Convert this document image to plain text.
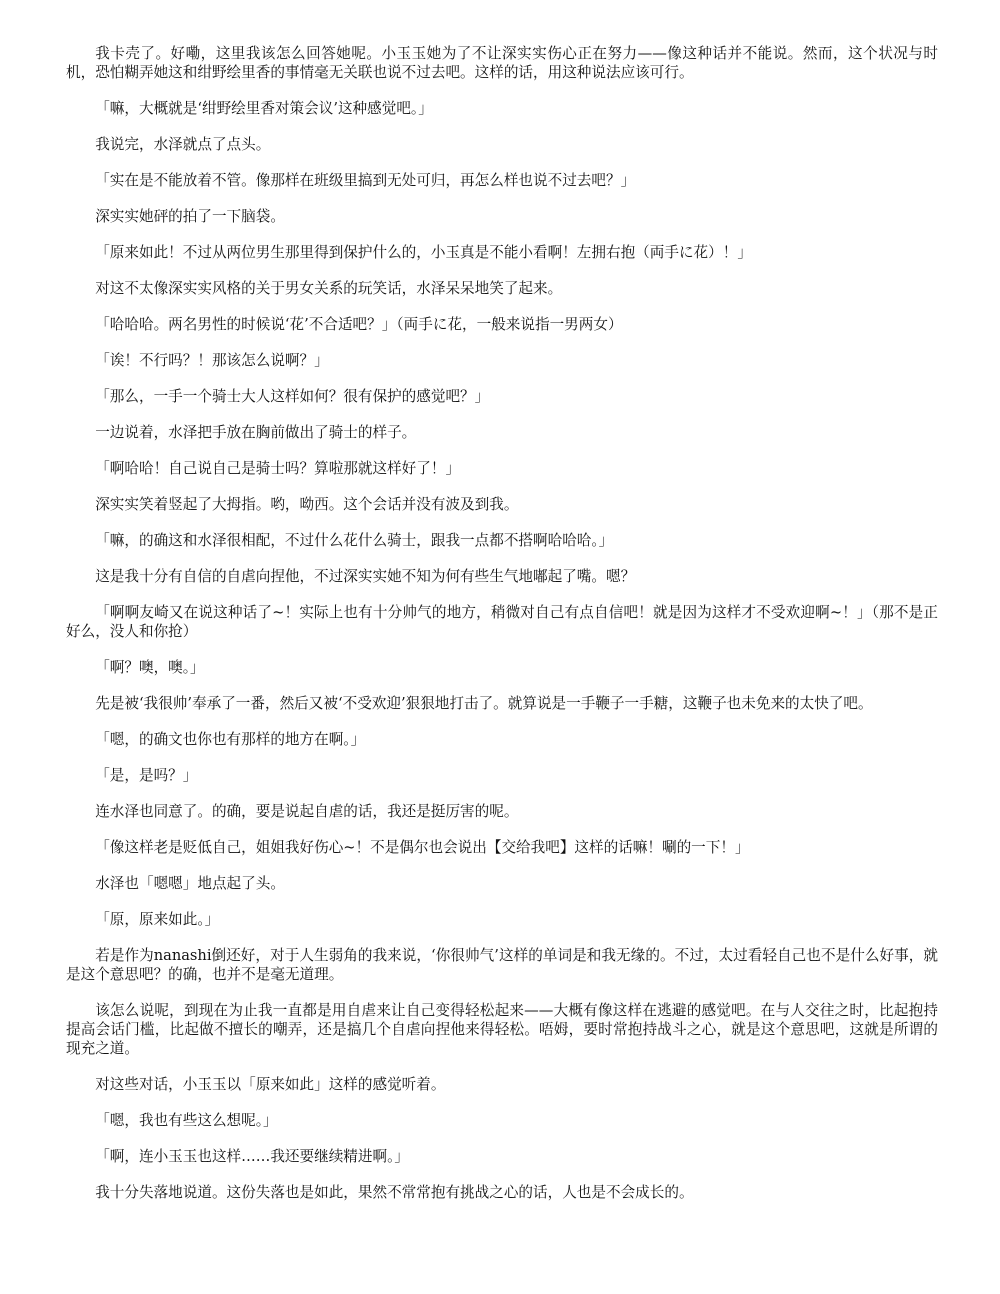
我卡壳了。好嘞，这里我该怎么回答她呢。小玉玉她为了不让深实实伤心正在努力——像这种话并不能说。然而，这个状况与时机，恐怕糊弄她这和绀野绘里香的事情毫无关联也说不过去吧。这样的话，用这种说法应该可行。

「嘛，大概就是‘绀野绘里香对策会议’这种感觉吧。」

我说完，水泽就点了点头。

「实在是不能放着不管。像那样在班级里搞到无处可归，再怎么样也说不过去吧？」

深实实她砰的拍了一下脑袋。

「原来如此！不过从两位男生那里得到保护什么的，小玉真是不能小看啊！左拥右抱（両手に花）！」

对这不太像深实实风格的关于男女关系的玩笑话，水泽呆呆地笑了起来。

「哈哈哈。两名男性的时候说‘花’不合适吧？」（両手に花，一般来说指一男两女）

「诶！不行吗？！那该怎么说啊？」

「那么，一手一个骑士大人这样如何？很有保护的感觉吧？」

一边说着，水泽把手放在胸前做出了骑士的样子。

「啊哈哈！自己说自己是骑士吗？算啦那就这样好了！」

深实实笑着竖起了大拇指。哟，呦西。这个会话并没有波及到我。

「嘛，的确这和水泽很相配，不过什么花什么骑士，跟我一点都不搭啊哈哈哈。」

这是我十分有自信的自虐向捏他，不过深实实她不知为何有些生气地嘟起了嘴。嗯？

「啊啊友崎又在说这种话了~！实际上也有十分帅气的地方，稍微对自己有点自信吧！就是因为这样才不受欢迎啊~！」（那不是正好么，没人和你抢）

「啊？噢，噢。」

先是被‘我很帅’奉承了一番，然后又被‘不受欢迎’狠狠地打击了。就算说是一手鞭子一手糖，这鞭子也未免来的太快了吧。

「嗯，的确文也你也有那样的地方在啊。」

「是，是吗？」

连水泽也同意了。的确，要是说起自虐的话，我还是挺厉害的呢。

「像这样老是贬低自己，姐姐我好伤心~！不是偶尔也会说出【交给我吧】这样的话嘛！唰的一下！」

水泽也「嗯嗯」地点起了头。

「原，原来如此。」

若是作为nanashi倒还好，对于人生弱角的我来说，‘你很帅气’这样的单词是和我无缘的。不过，太过看轻自己也不是什么好事，就是这个意思吧？的确，也并不是毫无道理。

该怎么说呢，到现在为止我一直都是用自虐来让自己变得轻松起来——大概有像这样在逃避的感觉吧。在与人交往之时，比起抱持提高会话门槛，比起做不擅长的嘲弄，还是搞几个自虐向捏他来得轻松。唔姆，要时常抱持战斗之心，就是这个意思吧，这就是所谓的现充之道。

对这些对话，小玉玉以「原来如此」这样的感觉听着。

「嗯，我也有些这么想呢。」

「啊，连小玉玉也这样……我还要继续精进啊。」

我十分失落地说道。这份失落也是如此，果然不常常抱有挑战之心的话，人也是不会成长的。
